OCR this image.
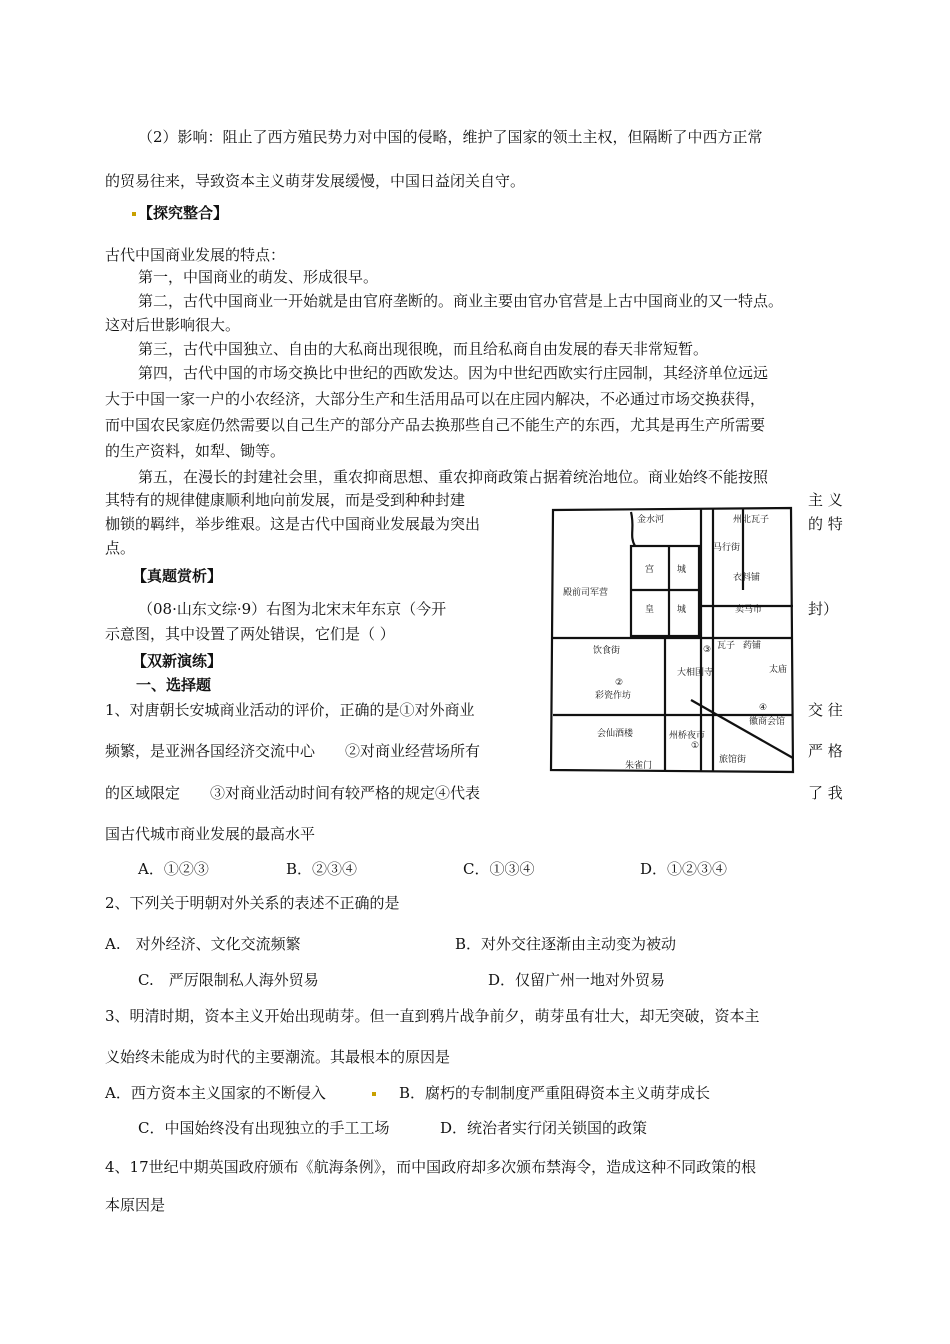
（2）影响：阻止了西方殖民势力对中国的侵略，维护了国家的领土主权，但隔断了中西方正常
的贸易往来，导致资本主义萌芽发展缓慢，中国日益闭关自守。
【探究整合】
古代中国商业发展的特点：
第一，中国商业的萌发、形成很早。
第二，古代中国商业一开始就是由官府垄断的。商业主要由官办官营是上古中国商业的又一特点。
这对后世影响很大。
第三，古代中国独立、自由的大私商出现很晚，而且给私商自由发展的春天非常短暂。
第四，古代中国的市场交换比中世纪的西欧发达。因为中世纪西欧实行庄园制，其经济单位远远
大于中国一家一户的小农经济，大部分生产和生活用品可以在庄园内解决，不必通过市场交换获得，
而中国农民家庭仍然需要以自己生产的部分产品去换那些自己不能生产的东西，尤其是再生产所需要
的生产资料，如犁、锄等。
第五，在漫长的封建社会里，重农抑商思想、重农抑商政策占据着统治地位。商业始终不能按照
其特有的规律健康顺利地向前发展，而是受到种种封建	主 义
枷锁的羁绊，举步维艰。这是古代中国商业发展最为突出	的 特
点。
【真题赏析】
（08·山东文综·9）右图为北宋末年东京（今开	封）
示意图，其中设置了两处错误，它们是（ ）
【双新演练】
一、选择题
1、对唐朝长安城商业活动的评价，正确的是①对外商业	交 往
频繁，是亚洲各国经济交流中心　　②对商业经营场所有	严 格
的区域限定　　③对商业活动时间有较严格的规定④代表	了 我
国古代城市商业发展的最高水平
A．①②③	B．②③④	C．①③④	D．①②③④
2、下列关于明朝对外关系的表述不正确的是
A.　对外经济、文化交流频繁	B．对外交往逐渐由主动变为被动
C.　严厉限制私人海外贸易	D．仅留广州一地对外贸易
3、明清时期，资本主义开始出现萌芽。但一直到鸦片战争前夕，萌芽虽有壮大，却无突破，资本主
义始终未能成为时代的主要潮流。其最根本的原因是
A．西方资本主义国家的不断侵入	B．腐朽的专制制度严重阻碍资本主义萌芽成长
C．中国始终没有出现独立的手工工场	D．统治者实行闭关锁国的政策
4、17世纪中期英国政府颁布《航海条例》，而中国政府却多次颁布禁海令，造成这种不同政策的根
本原因是
金水河	州北瓦子
马行街
宫	城
衣料铺
殿前司军营
皇	城	卖马市
瓦子
③	药铺
饮食街
太庙
②
彩瓷作坊
大相国寺
④
徽商会馆
会仙酒楼	州桥夜市
①
旅馆街
朱雀门
